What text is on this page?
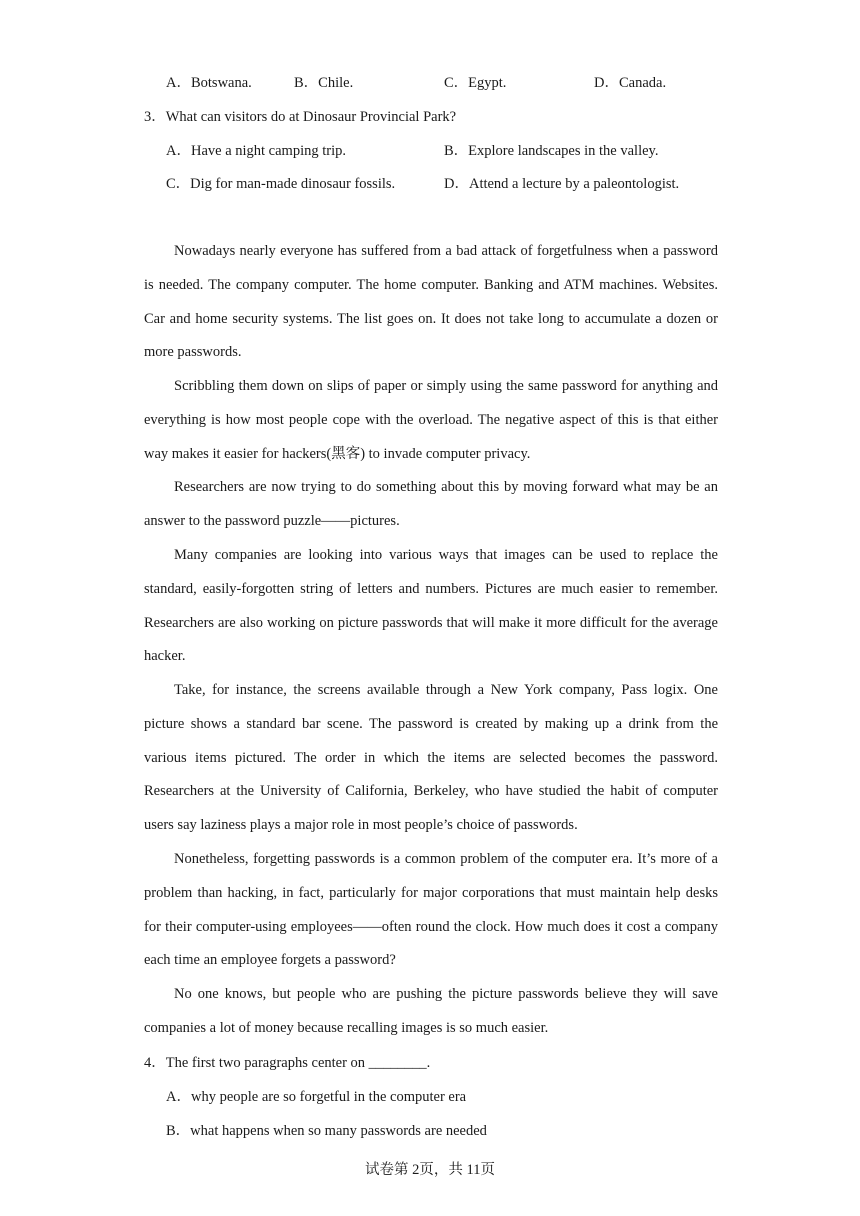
A．Botswana.	B．Chile.	C．Egypt.	D．Canada.
3．What can visitors do at Dinosaur Provincial Park?
A．Have a night camping trip.	B．Explore landscapes in the valley.
C．Dig for man-made dinosaur fossils.	D．Attend a lecture by a paleontologist.
Nowadays nearly everyone has suffered from a bad attack of forgetfulness when a password is needed. The company computer. The home computer. Banking and ATM machines. Websites. Car and home security systems. The list goes on. It does not take long to accumulate a dozen or more passwords.
Scribbling them down on slips of paper or simply using the same password for anything and everything is how most people cope with the overload. The negative aspect of this is that either way makes it easier for hackers(黑客) to invade computer privacy.
Researchers are now trying to do something about this by moving forward what may be an answer to the password puzzle——pictures.
Many companies are looking into various ways that images can be used to replace the standard, easily-forgotten string of letters and numbers. Pictures are much easier to remember. Researchers are also working on picture passwords that will make it more difficult for the average hacker.
Take, for instance, the screens available through a New York company, Pass logix. One picture shows a standard bar scene. The password is created by making up a drink from the various items pictured. The order in which the items are selected becomes the password. Researchers at the University of California, Berkeley, who have studied the habit of computer users say laziness plays a major role in most people’s choice of passwords.
Nonetheless, forgetting passwords is a common problem of the computer era. It’s more of a problem than hacking, in fact, particularly for major corporations that must maintain help desks for their computer-using employees——often round the clock. How much does it cost a company each time an employee forgets a password?
No one knows, but people who are pushing the picture passwords believe they will save companies a lot of money because recalling images is so much easier.
4．The first two paragraphs center on ________.
A．why people are so forgetful in the computer era
B．what happens when so many passwords are needed
试卷第 2页，共 11页
